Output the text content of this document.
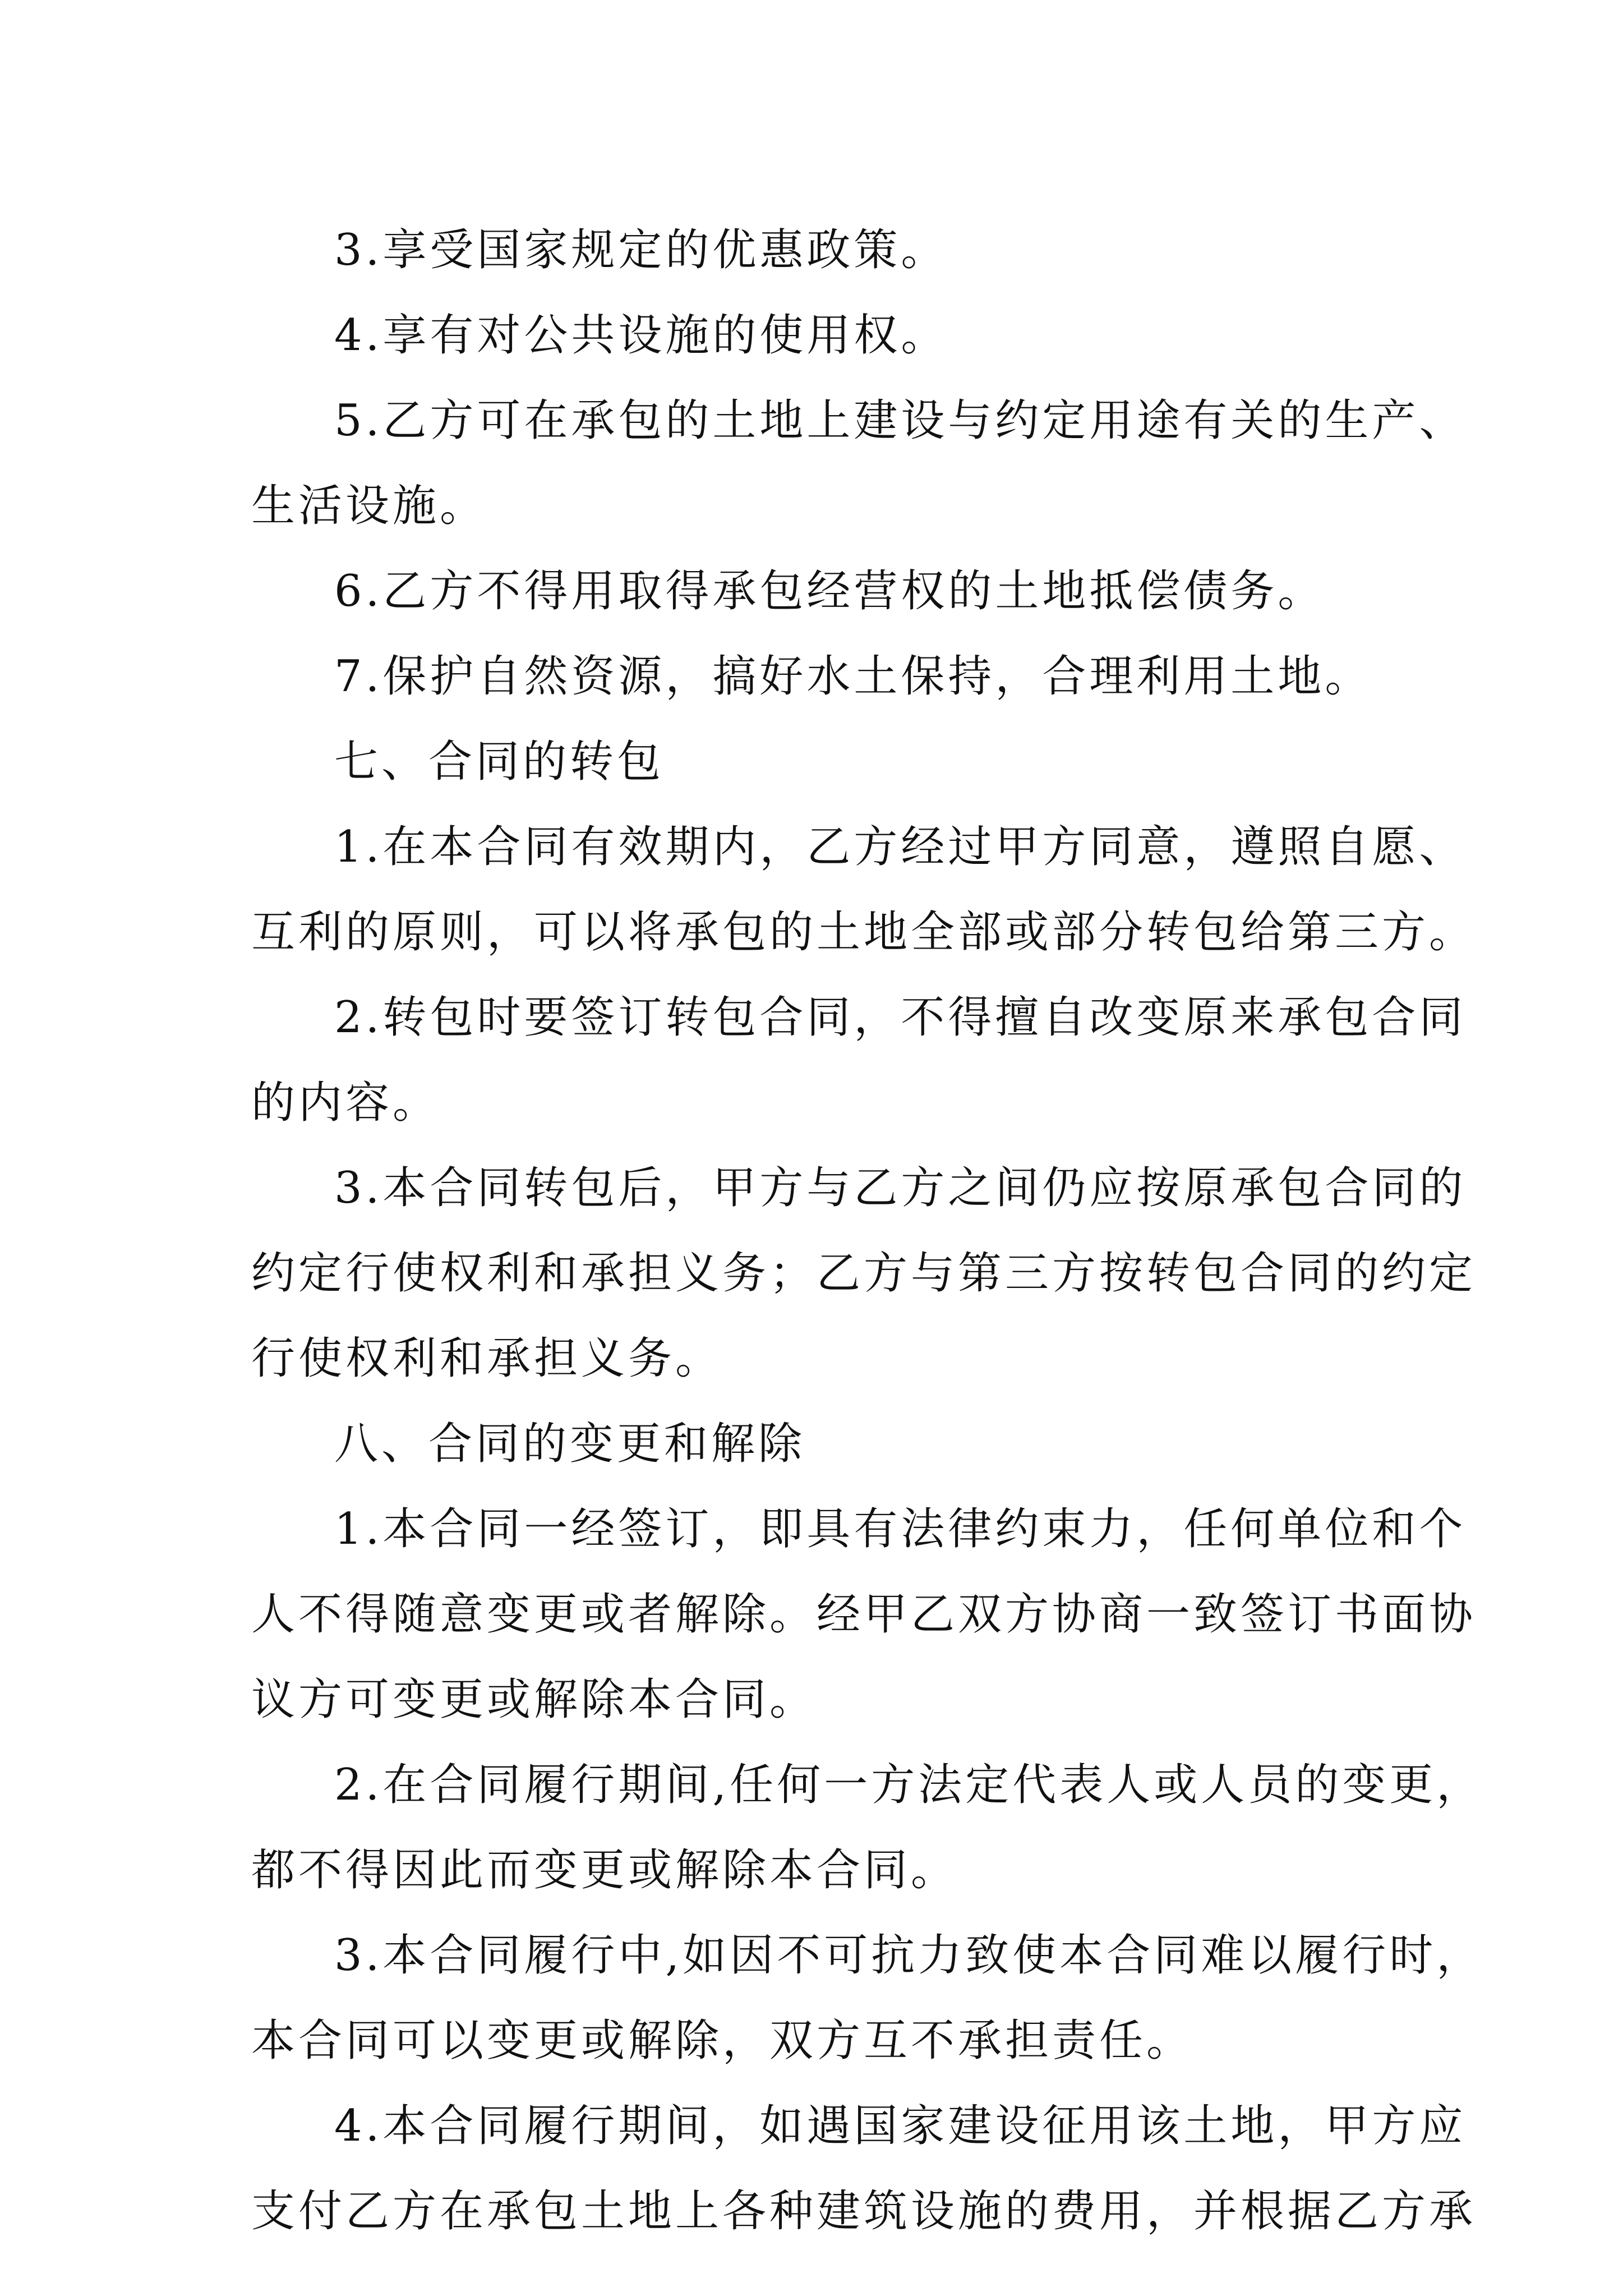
3.享受国家规定的优惠政策。
4.享有对公共设施的使用权。
5.乙方可在承包的土地上建设与约定用途有关的生产、
生活设施。
6.乙方不得用取得承包经营权的土地抵偿债务。
7.保护自然资源，搞好水土保持，合理利用土地。
七、合同的转包
1.在本合同有效期内，乙方经过甲方同意，遵照自愿、
互利的原则，可以将承包的土地全部或部分转包给第三方。
2.转包时要签订转包合同，不得擅自改变原来承包合同
的内容。
3.本合同转包后，甲方与乙方之间仍应按原承包合同的
约定行使权利和承担义务；乙方与第三方按转包合同的约定
行使权利和承担义务。
八、合同的变更和解除
1.本合同一经签订，即具有法律约束力，任何单位和个
人不得随意变更或者解除。经甲乙双方协商一致签订书面协
议方可变更或解除本合同。
2.在合同履行期间,任何一方法定代表人或人员的变更，
都不得因此而变更或解除本合同。
3.本合同履行中,如因不可抗力致使本合同难以履行时，
本合同可以变更或解除，双方互不承担责任。
4.本合同履行期间，如遇国家建设征用该土地，甲方应
支付乙方在承包土地上各种建筑设施的费用，并根据乙方承
